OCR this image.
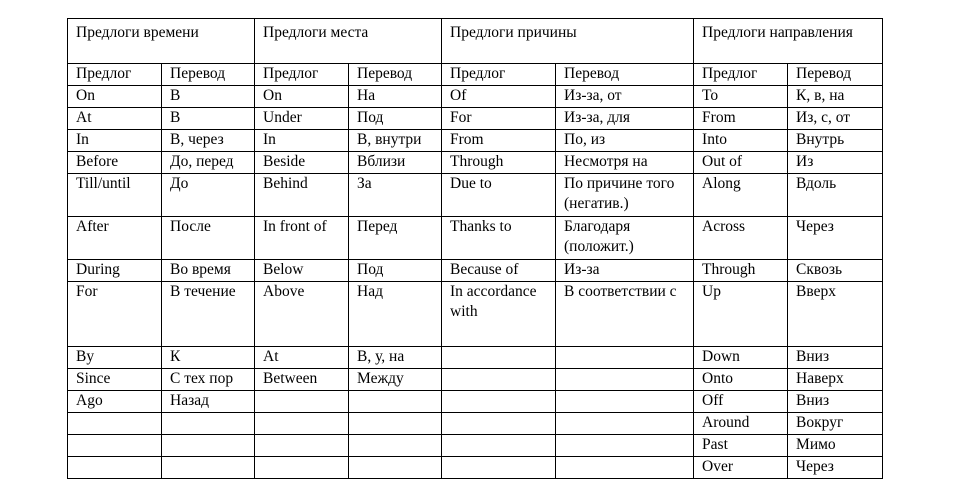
Предлоги времени		Предлоги места		Предлоги причины		Предлоги направления	
Предлог	Перевод	Предлог	Перевод	Предлог	Перевод	Предлог	Перевод
On	В	On	На	Of	Из-за, от	To	К, в, на
At	В	Under	Под	For	Из-за, для	From	Из, с, от
In	В, через	In	В, внутри	From	По, из	Into	Внутрь
Before	До, перед	Beside	Вблизи	Through	Несмотря на	Out of	Из
Till/until	До	Behind	За	Due to	По причине того (негатив.)	Along	Вдоль
After	После	In front of	Перед	Thanks to	Благодаря (положит.)	Across	Через
During	Во время	Below	Под	Because of	Из-за	Through	Сквозь
For	В течение	Above	Над	In accordance with	В соответствии с	Up	Вверх
By	К	At	В, у, на			Down	Вниз
Since	С тех пор	Between	Между			Onto	Наверх
Ago	Назад					Off	Вниз
						Around	Вокруг
						Past	Мимо
						Over	Через
